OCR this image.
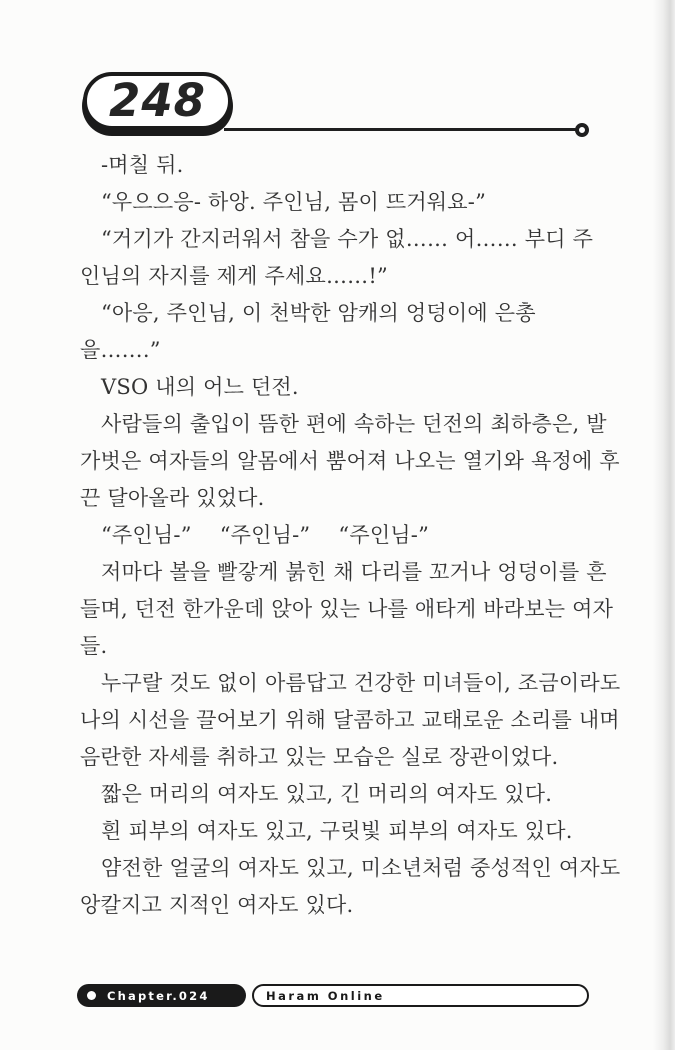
248

-며칠 뒤.

“우으으응- 하앙. 주인님, 몸이 뜨거워요-”

“거기가 간지러워서 참을 수가 없…… 어…… 부디 주

인님의 자지를 제게 주세요……!”

“아응, 주인님, 이 천박한 암캐의 엉덩이에 은총

을…….”

VSO 내의 어느 던전.

사람들의 출입이 뜸한 편에 속하는 던전의 최하층은, 발

가벗은 여자들의 알몸에서 뿜어져 나오는 열기와 욕정에 후

끈 달아올라 있었다.

“주인님-”　 “주인님-”　 “주인님-”

저마다 볼을 빨갛게 붉힌 채 다리를 꼬거나 엉덩이를 흔

들며, 던전 한가운데 앉아 있는 나를 애타게 바라보는 여자

들.

누구랄 것도 없이 아름답고 건강한 미녀들이, 조금이라도

나의 시선을 끌어보기 위해 달콤하고 교태로운 소리를 내며

음란한 자세를 취하고 있는 모습은 실로 장관이었다.

짧은 머리의 여자도 있고, 긴 머리의 여자도 있다.

흰 피부의 여자도 있고, 구릿빛 피부의 여자도 있다.

얌전한 얼굴의 여자도 있고, 미소년처럼 중성적인 여자도

앙칼지고 지적인 여자도 있다.

Chapter.024	Haram Online
